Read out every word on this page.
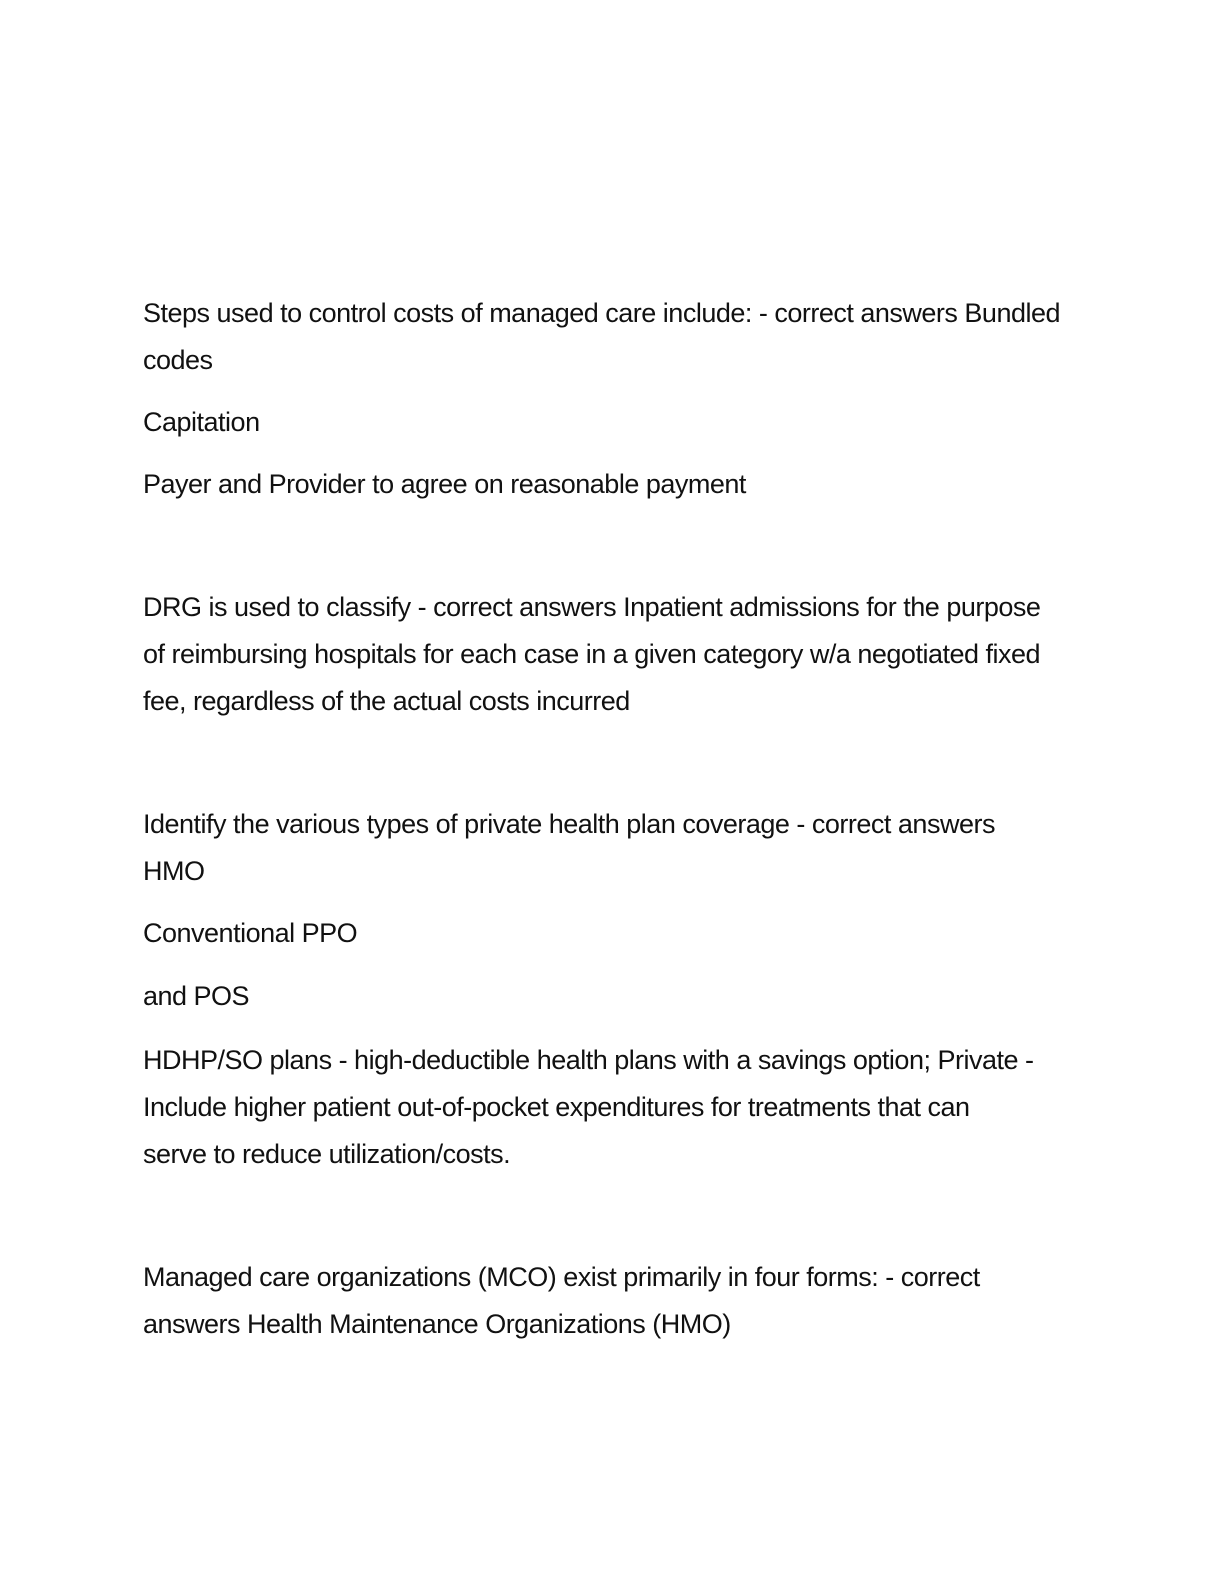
Steps used to control costs of managed care include: - correct answers Bundled
codes
Capitation
Payer and Provider to agree on reasonable payment
DRG is used to classify - correct answers Inpatient admissions for the purpose
of reimbursing hospitals for each case in a given category w/a negotiated fixed
fee, regardless of the actual costs incurred
Identify the various types of private health plan coverage - correct answers
HMO
Conventional PPO
and POS
HDHP/SO plans - high-deductible health plans with a savings option; Private -
Include higher patient out-of-pocket expenditures for treatments that can
serve to reduce utilization/costs.
Managed care organizations (MCO) exist primarily in four forms: - correct
answers Health Maintenance Organizations (HMO)
